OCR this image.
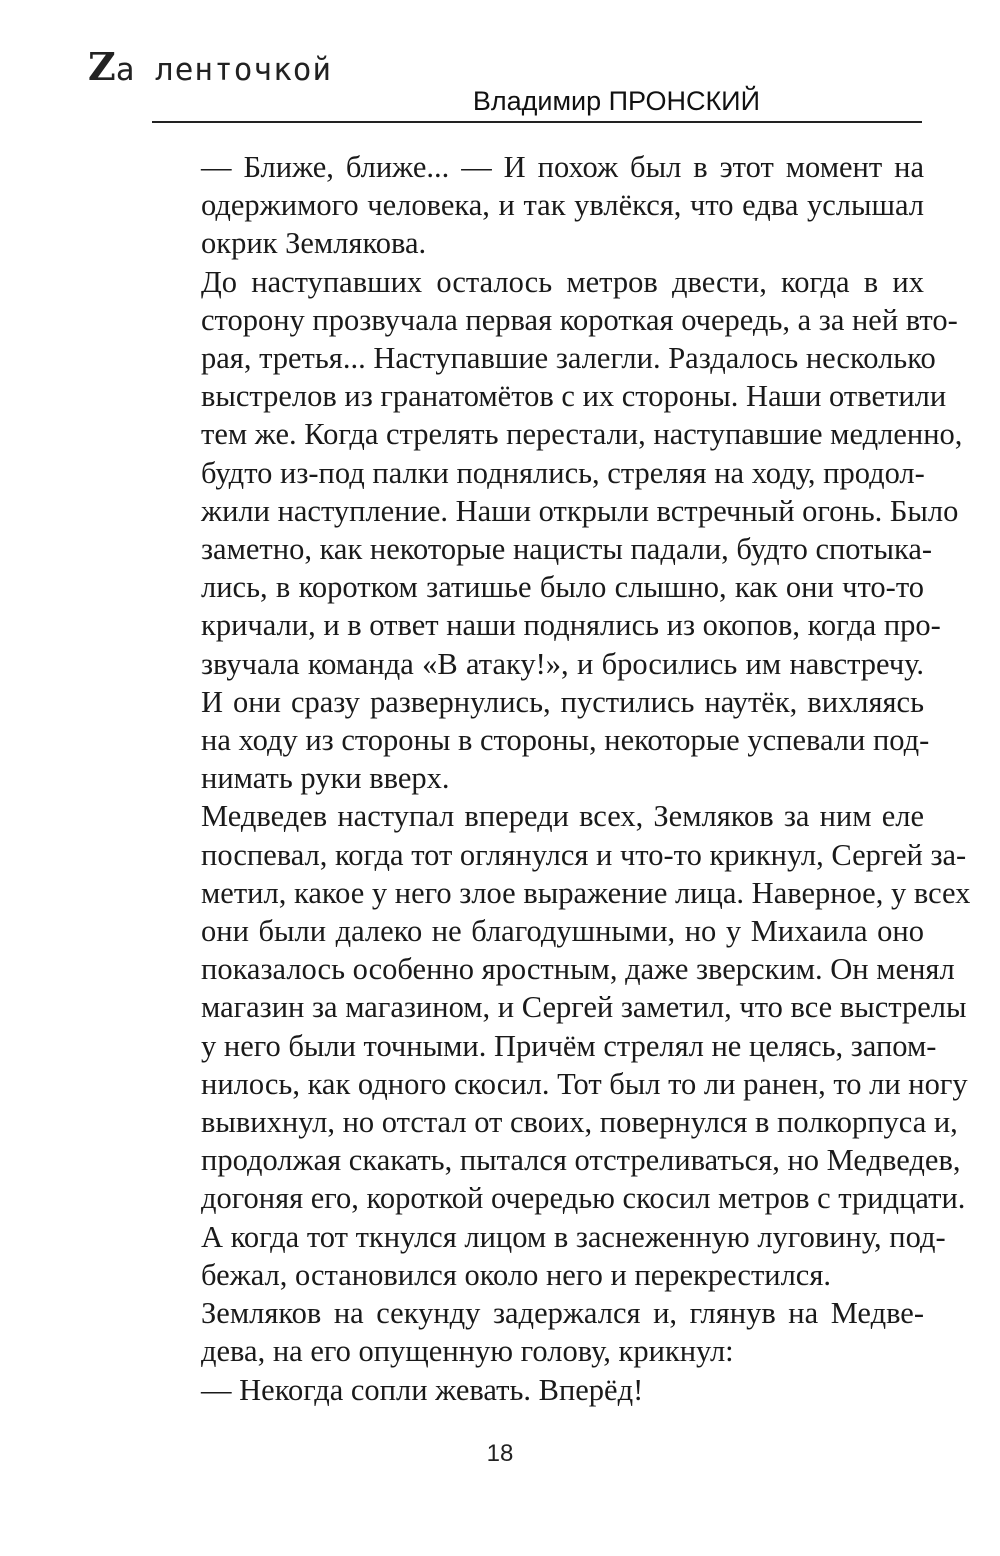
Zа ленточкой
Владимир ПРОНСКИЙ
— Ближе, ближе... — И похож был в этот момент на
одержимого человека, и так увлёкся, что едва услышал
окрик Землякова.
До наступавших осталось метров двести, когда в их
сторону прозвучала первая короткая очередь, а за ней вто-
рая, третья... Наступавшие залегли. Раздалось несколько
выстрелов из гранатомётов с их стороны. Наши ответили
тем же. Когда стрелять перестали, наступавшие медленно,
будто из-под палки поднялись, стреляя на ходу, продол-
жили наступление. Наши открыли встречный огонь. Было
заметно, как некоторые нацисты падали, будто спотыка-
лись, в коротком затишье было слышно, как они что-то
кричали, и в ответ наши поднялись из окопов, когда про-
звучала команда «В атаку!», и бросились им навстречу.
И они сразу развернулись, пустились наутёк, вихляясь
на ходу из стороны в стороны, некоторые успевали под-
нимать руки вверх.
Медведев наступал впереди всех, Земляков за ним еле
поспевал, когда тот оглянулся и что-то крикнул, Сергей за-
метил, какое у него злое выражение лица. Наверное, у всех
они были далеко не благодушными, но у Михаила оно
показалось особенно яростным, даже зверским. Он менял
магазин за магазином, и Сергей заметил, что все выстрелы
у него были точными. Причём стрелял не целясь, запом-
нилось, как одного скосил. Тот был то ли ранен, то ли ногу
вывихнул, но отстал от своих, повернулся в полкорпуса и,
продолжая скакать, пытался отстреливаться, но Медведев,
догоняя его, короткой очередью скосил метров с тридцати.
А когда тот ткнулся лицом в заснеженную луговину, под-
бежал, остановился около него и перекрестился.
Земляков на секунду задержался и, глянув на Медве-
дева, на его опущенную голову, крикнул:
— Некогда сопли жевать. Вперёд!
18
